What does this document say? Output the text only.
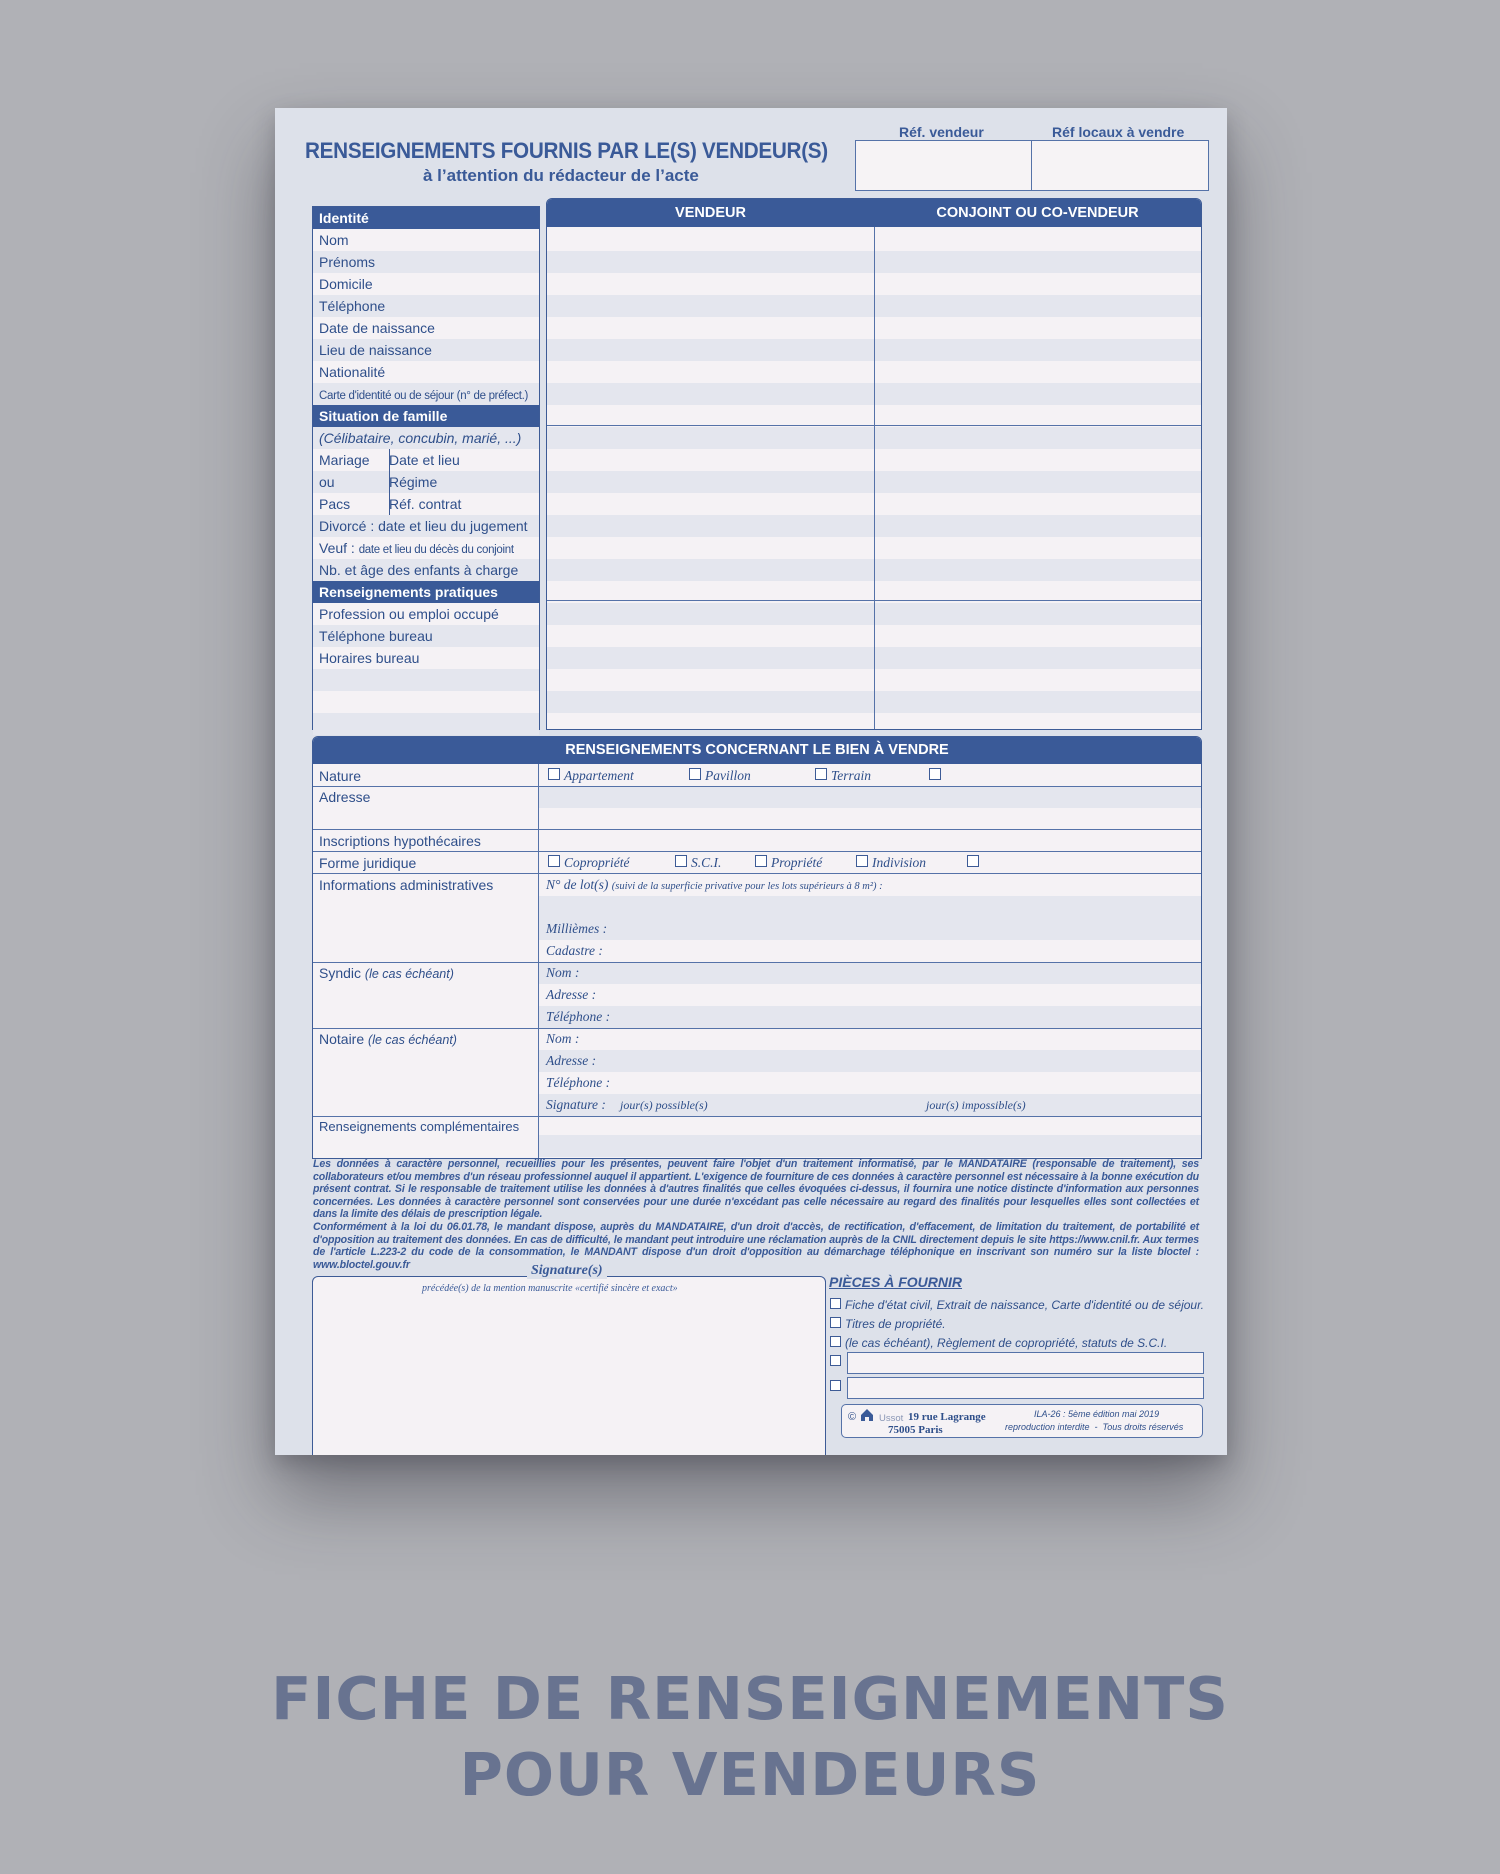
RENSEIGNEMENTS FOURNIS PAR LE(S) VENDEUR(S)
à l’attention du rédacteur de l’acte
Réf. vendeur	Réf locaux à vendre
Identité
Nom
Prénoms
Domicile
Téléphone
Date de naissance
Lieu de naissance
Nationalité
Carte d'identité ou de séjour (n° de préfect.)
Situation de famille
(Célibataire, concubin, marié, ...)
Mariage Date et lieu
ou	Régime
Pacs	Réf. contrat
Divorcé : date et lieu du jugement
Veuf : date et lieu du décès du conjoint
Nb. et âge des enfants à charge
Renseignements pratiques
Profession ou emploi occupé
Téléphone bureau
Horaires bureau
VENDEUR	CONJOINT OU CO-VENDEUR
RENSEIGNEMENTS CONCERNANT LE BIEN À VENDRE
Nature	Appartement	Pavillon	Terrain
Adresse
Inscriptions hypothécaires
Forme juridique	Copropriété	S.C.I.	Propriété	Indivision
Informations administratives	N° de lot(s) (suivi de la superficie privative pour les lots supérieurs à 8 m²) :
Millièmes :
Cadastre :
Syndic (le cas échéant)	Nom :
Adresse :
Téléphone :
Notaire (le cas échéant)	Nom :
Adresse :
Téléphone :
Signature : jour(s) possible(s)	jour(s) impossible(s)
Renseignements complémentaires
Les données à caractère personnel, recueillies pour les présentes, peuvent faire l'objet d'un traitement informatisé, par le MANDATAIRE (responsable de traitement), ses collaborateurs et/ou membres d'un réseau professionnel auquel il appartient. L'exigence de fourniture de ces données à caractère personnel est nécessaire à la bonne exécution du présent contrat. Si le responsable de traitement utilise les données à d'autres finalités que celles évoquées ci-dessus, il fournira une notice distincte d'information aux personnes concernées. Les données à caractère personnel sont conservées pour une durée n'excédant pas celle nécessaire au regard des finalités pour lesquelles elles sont collectées et dans la limite des délais de prescription légale.
Conformément à la loi du 06.01.78, le mandant dispose, auprès du MANDATAIRE, d'un droit d'accès, de rectification, d'effacement, de limitation du traitement, de portabilité et d'opposition au traitement des données. En cas de difficulté, le mandant peut introduire une réclamation auprès de la CNIL directement depuis le site https://www.cnil.fr. Aux termes de l'article L.223-2 du code de la consommation, le MANDANT dispose d'un droit d'opposition au démarchage téléphonique en inscrivant son numéro sur la liste bloctel : www.bloctel.gouv.fr	Signature(s)
précédée(s) de la mention manuscrite «certifié sincère et exact»	PIÈCES À FOURNIR
Fiche d'état civil, Extrait de naissance, Carte d'identité ou de séjour.
Titres de propriété.
(le cas échéant), Règlement de copropriété, statuts de S.C.I.
© Ussot 19 rue Lagrange
75005 Paris
ILA-26 : 5ème édition mai 2019
reproduction interdite  -  Tous droits réservés
FICHE DE RENSEIGNEMENTS
POUR VENDEURS
